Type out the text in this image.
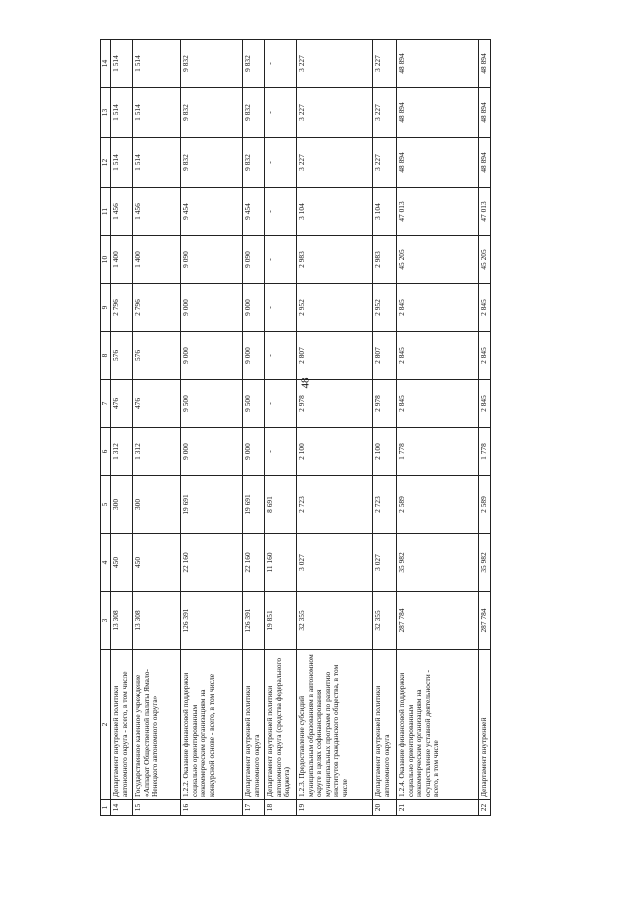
48
1	2	3	4	5	6	7	8	9	10	11	12	13	14
14	Департамент внутренней политики автономного округа - всего, в том числе	13 308	450	300	1 312	476	576	2 796	1 400	1 456	1 514	1 514	1 514
15	Государственное казенное учреждение «Аппарат Общественной палаты Ямало-Ненецкого автономного округа»	13 308	450	300	1 312	476	576	2 796	1 400	1 456	1 514	1 514	1 514
16	1.2.2. Оказание финансовой поддержки социально ориентированным некоммерческим организациям на конкурсной основе - всего, в том числе	126 391	22 160	19 691	9 000	9 500	9 000	9 000	9 090	9 454	9 832	9 832	9 832
17	Департамент внутренней политики автономного округа	126 391	22 160	19 691	9 000	9 500	9 000	9 000	9 090	9 454	9 832	9 832	9 832
18	Департамент внутренней политики автономного округа (средства федерального бюджета)	19 851	11 160	8 691	-	-	-	-	-	-	-	-	-
19	1.2.3. Предоставление субсидий муниципальным образованиям в автономном округе в целях софинансирования муниципальных программ по развитию институтов гражданского общества, в том числе	32 355	3 027	2 723	2 100	2 978	2 807	2 952	2 983	3 104	3 227	3 227	3 227
20	Департамент внутренней политики автономного округа	32 355	3 027	2 723	2 100	2 978	2 807	2 952	2 983	3 104	3 227	3 227	3 227
21	1.2.4. Оказание финансовой поддержки социально ориентированным некоммерческим организациям на осуществление уставной деятельности - всего, в том числе	287 784	35 982	2 589	1 778	2 845	2 845	2 845	45 205	47 013	48 894	48 894	48 894
22	Департамент внутренней	287 784	35 982	2 589	1 778	2 845	2 845	2 845	45 205	47 013	48 894	48 894	48 894
